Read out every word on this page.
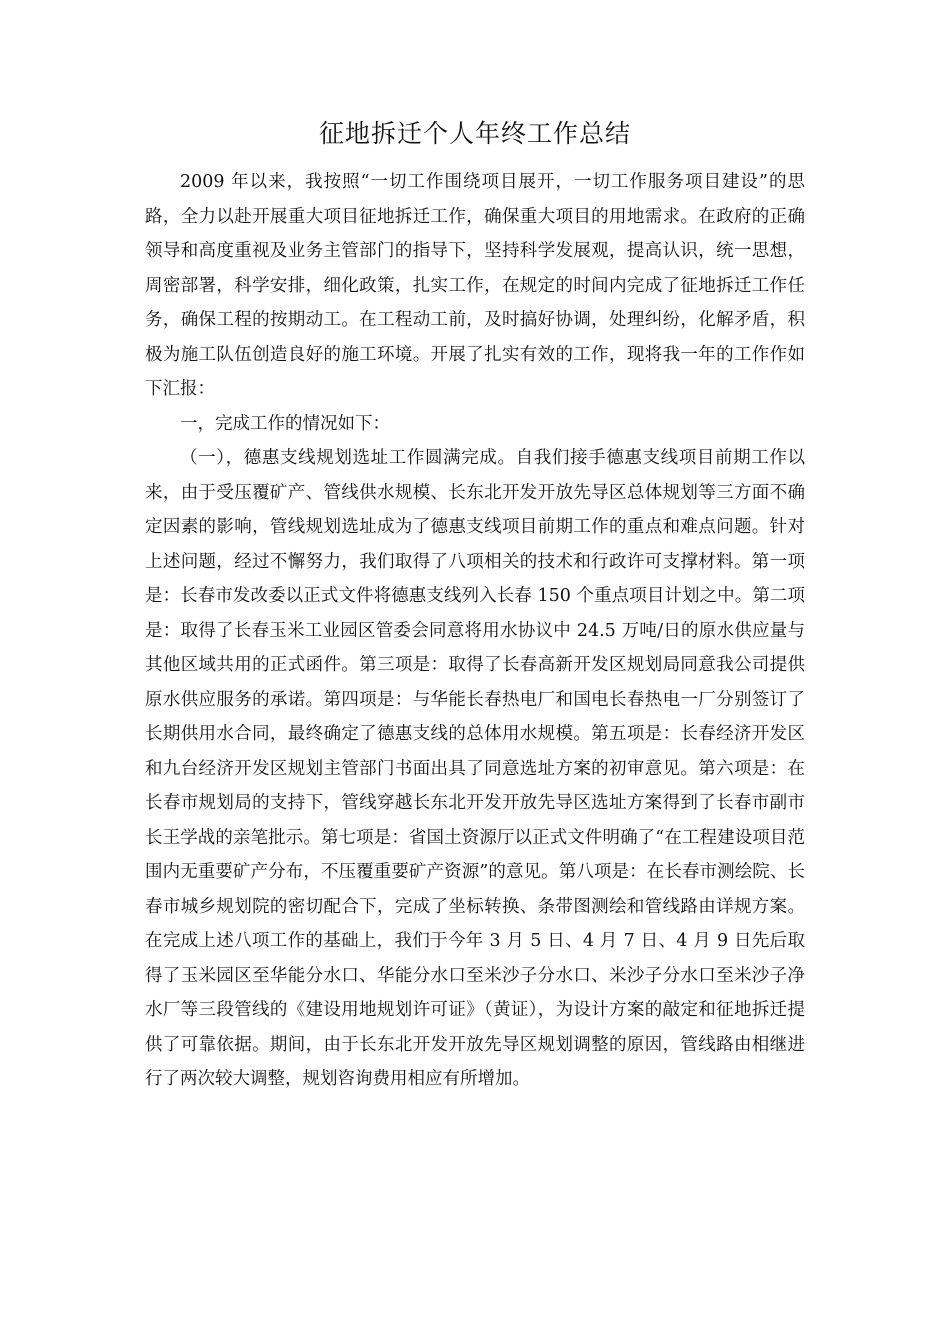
征地拆迁个人年终工作总结

2009 年以来，我按照“一切工作围绕项目展开，一切工作服务项目建设”的思路，全力以赴开展重大项目征地拆迁工作，确保重大项目的用地需求。在政府的正确领导和高度重视及业务主管部门的指导下，坚持科学发展观，提高认识，统一思想，周密部署，科学安排，细化政策，扎实工作，在规定的时间内完成了征地拆迁工作任务，确保工程的按期动工。在工程动工前，及时搞好协调，处理纠纷，化解矛盾，积极为施工队伍创造良好的施工环境。开展了扎实有效的工作，现将我一年的工作作如下汇报：

一，完成工作的情况如下：

（一），德惠支线规划选址工作圆满完成。自我们接手德惠支线项目前期工作以来，由于受压覆矿产、管线供水规模、长东北开发开放先导区总体规划等三方面不确定因素的影响，管线规划选址成为了德惠支线项目前期工作的重点和难点问题。针对上述问题，经过不懈努力，我们取得了八项相关的技术和行政许可支撑材料。第一项是：长春市发改委以正式文件将德惠支线列入长春 150 个重点项目计划之中。第二项是：取得了长春玉米工业园区管委会同意将用水协议中 24.5 万吨/日的原水供应量与其他区域共用的正式函件。第三项是：取得了长春高新开发区规划局同意我公司提供原水供应服务的承诺。第四项是：与华能长春热电厂和国电长春热电一厂分别签订了长期供用水合同，最终确定了德惠支线的总体用水规模。第五项是：长春经济开发区和九台经济开发区规划主管部门书面出具了同意选址方案的初审意见。第六项是：在长春市规划局的支持下，管线穿越长东北开发开放先导区选址方案得到了长春市副市长王学战的亲笔批示。第七项是：省国土资源厅以正式文件明确了“在工程建设项目范围内无重要矿产分布，不压覆重要矿产资源”的意见。第八项是：在长春市测绘院、长春市城乡规划院的密切配合下，完成了坐标转换、条带图测绘和管线路由详规方案。在完成上述八项工作的基础上，我们于今年 3 月 5 日、4 月 7 日、4 月 9 日先后取得了玉米园区至华能分水口、华能分水口至米沙子分水口、米沙子分水口至米沙子净水厂等三段管线的《建设用地规划许可证》（黄证），为设计方案的敲定和征地拆迁提供了可靠依据。期间，由于长东北开发开放先导区规划调整的原因，管线路由相继进行了两次较大调整，规划咨询费用相应有所增加。
